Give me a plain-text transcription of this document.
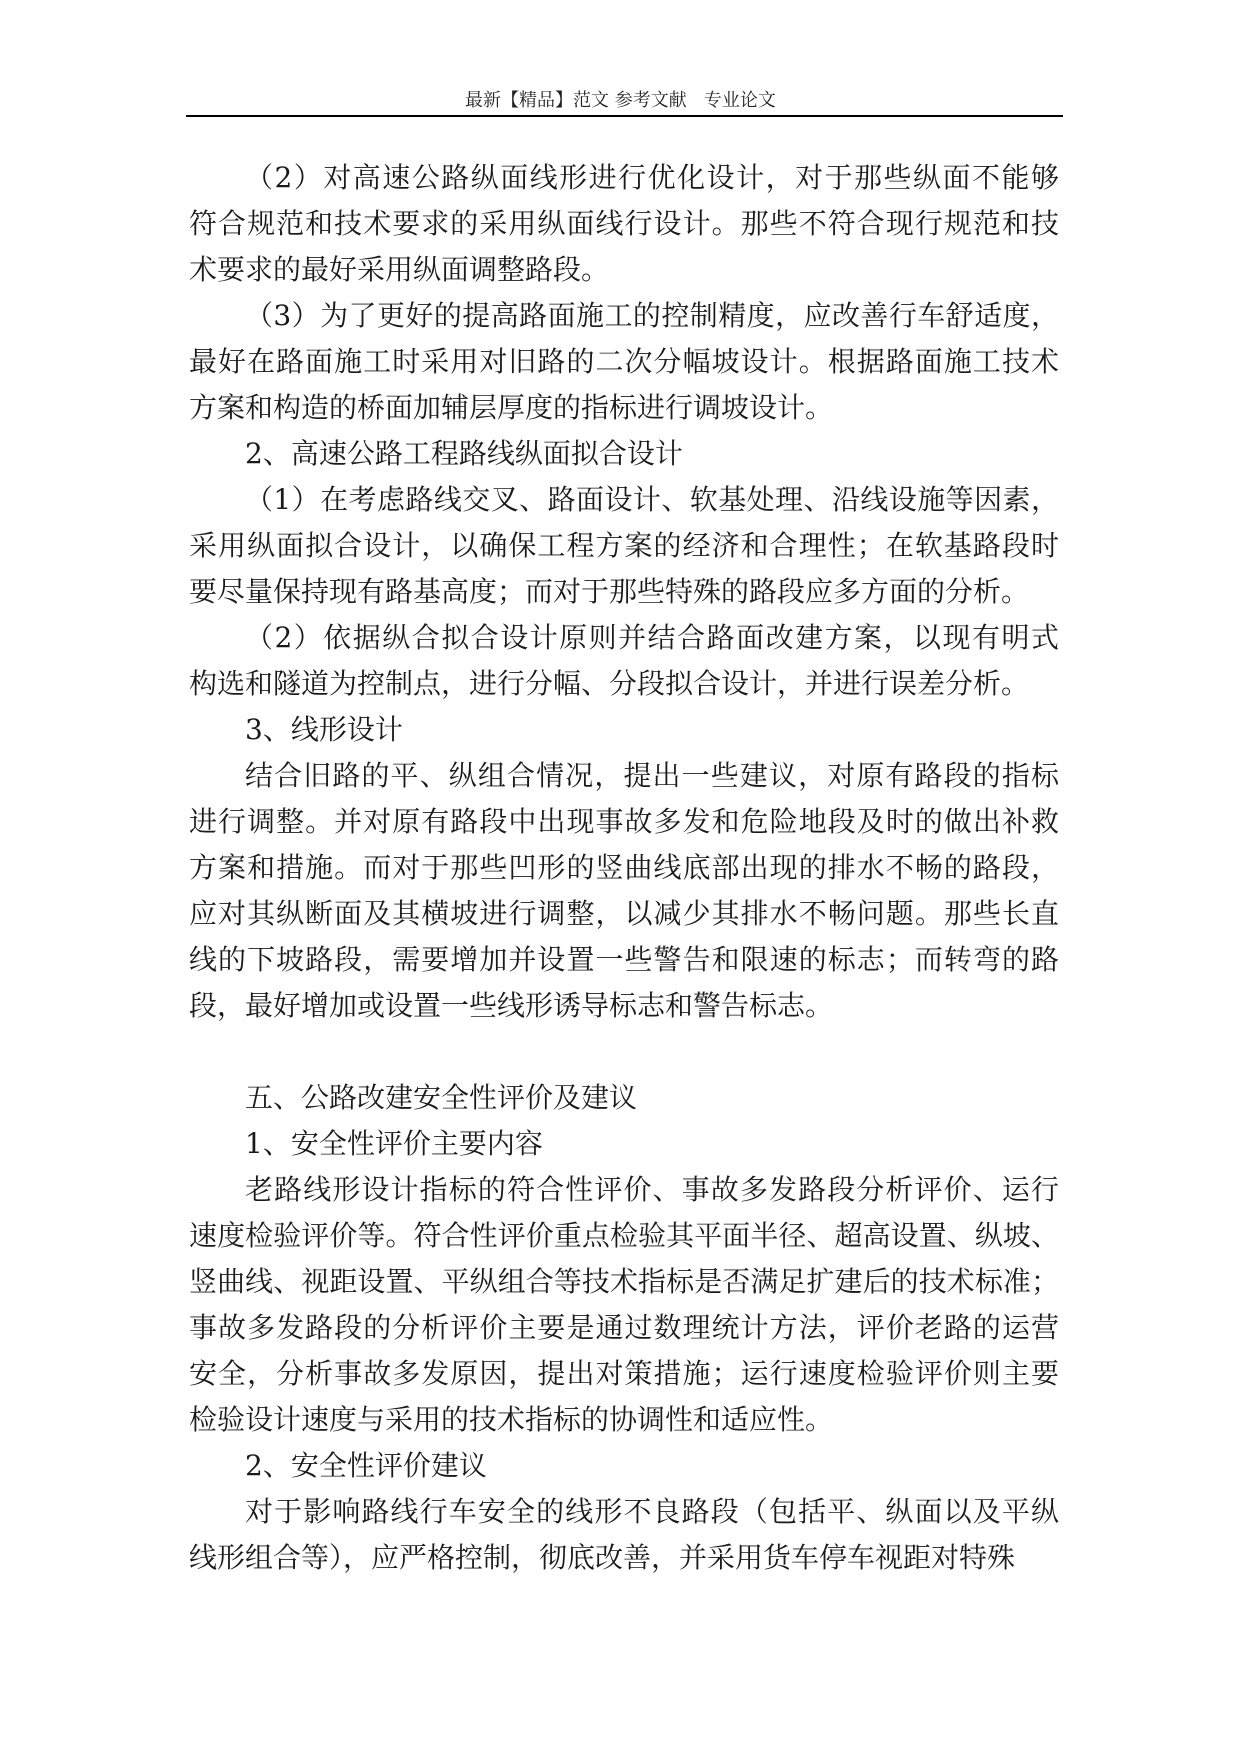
最新【精品】范文 参考文献   专业论文
（2）对高速公路纵面线形进行优化设计，对于那些纵面不能够
符合规范和技术要求的采用纵面线行设计。那些不符合现行规范和技
术要求的最好采用纵面调整路段。
（3）为了更好的提高路面施工的控制精度，应改善行车舒适度，
最好在路面施工时采用对旧路的二次分幅坡设计。根据路面施工技术
方案和构造的桥面加辅层厚度的指标进行调坡设计。
2、高速公路工程路线纵面拟合设计
（1）在考虑路线交叉、路面设计、软基处理、沿线设施等因素，
采用纵面拟合设计，以确保工程方案的经济和合理性；在软基路段时
要尽量保持现有路基高度；而对于那些特殊的路段应多方面的分析。
（2）依据纵合拟合设计原则并结合路面改建方案，以现有明式
构选和隧道为控制点，进行分幅、分段拟合设计，并进行误差分析。
3、线形设计
结合旧路的平、纵组合情况，提出一些建议，对原有路段的指标
进行调整。并对原有路段中出现事故多发和危险地段及时的做出补救
方案和措施。而对于那些凹形的竖曲线底部出现的排水不畅的路段，
应对其纵断面及其横坡进行调整，以减少其排水不畅问题。那些长直
线的下坡路段，需要增加并设置一些警告和限速的标志；而转弯的路
段，最好增加或设置一些线形诱导标志和警告标志。
五、公路改建安全性评价及建议
1、安全性评价主要内容
老路线形设计指标的符合性评价、事故多发路段分析评价、运行
速度检验评价等。符合性评价重点检验其平面半径、超高设置、纵坡、
竖曲线、视距设置、平纵组合等技术指标是否满足扩建后的技术标准；
事故多发路段的分析评价主要是通过数理统计方法，评价老路的运营
安全，分析事故多发原因，提出对策措施；运行速度检验评价则主要
检验设计速度与采用的技术指标的协调性和适应性。
2、安全性评价建议
对于影响路线行车安全的线形不良路段（包括平、纵面以及平纵
线形组合等），应严格控制，彻底改善，并采用货车停车视距对特殊
